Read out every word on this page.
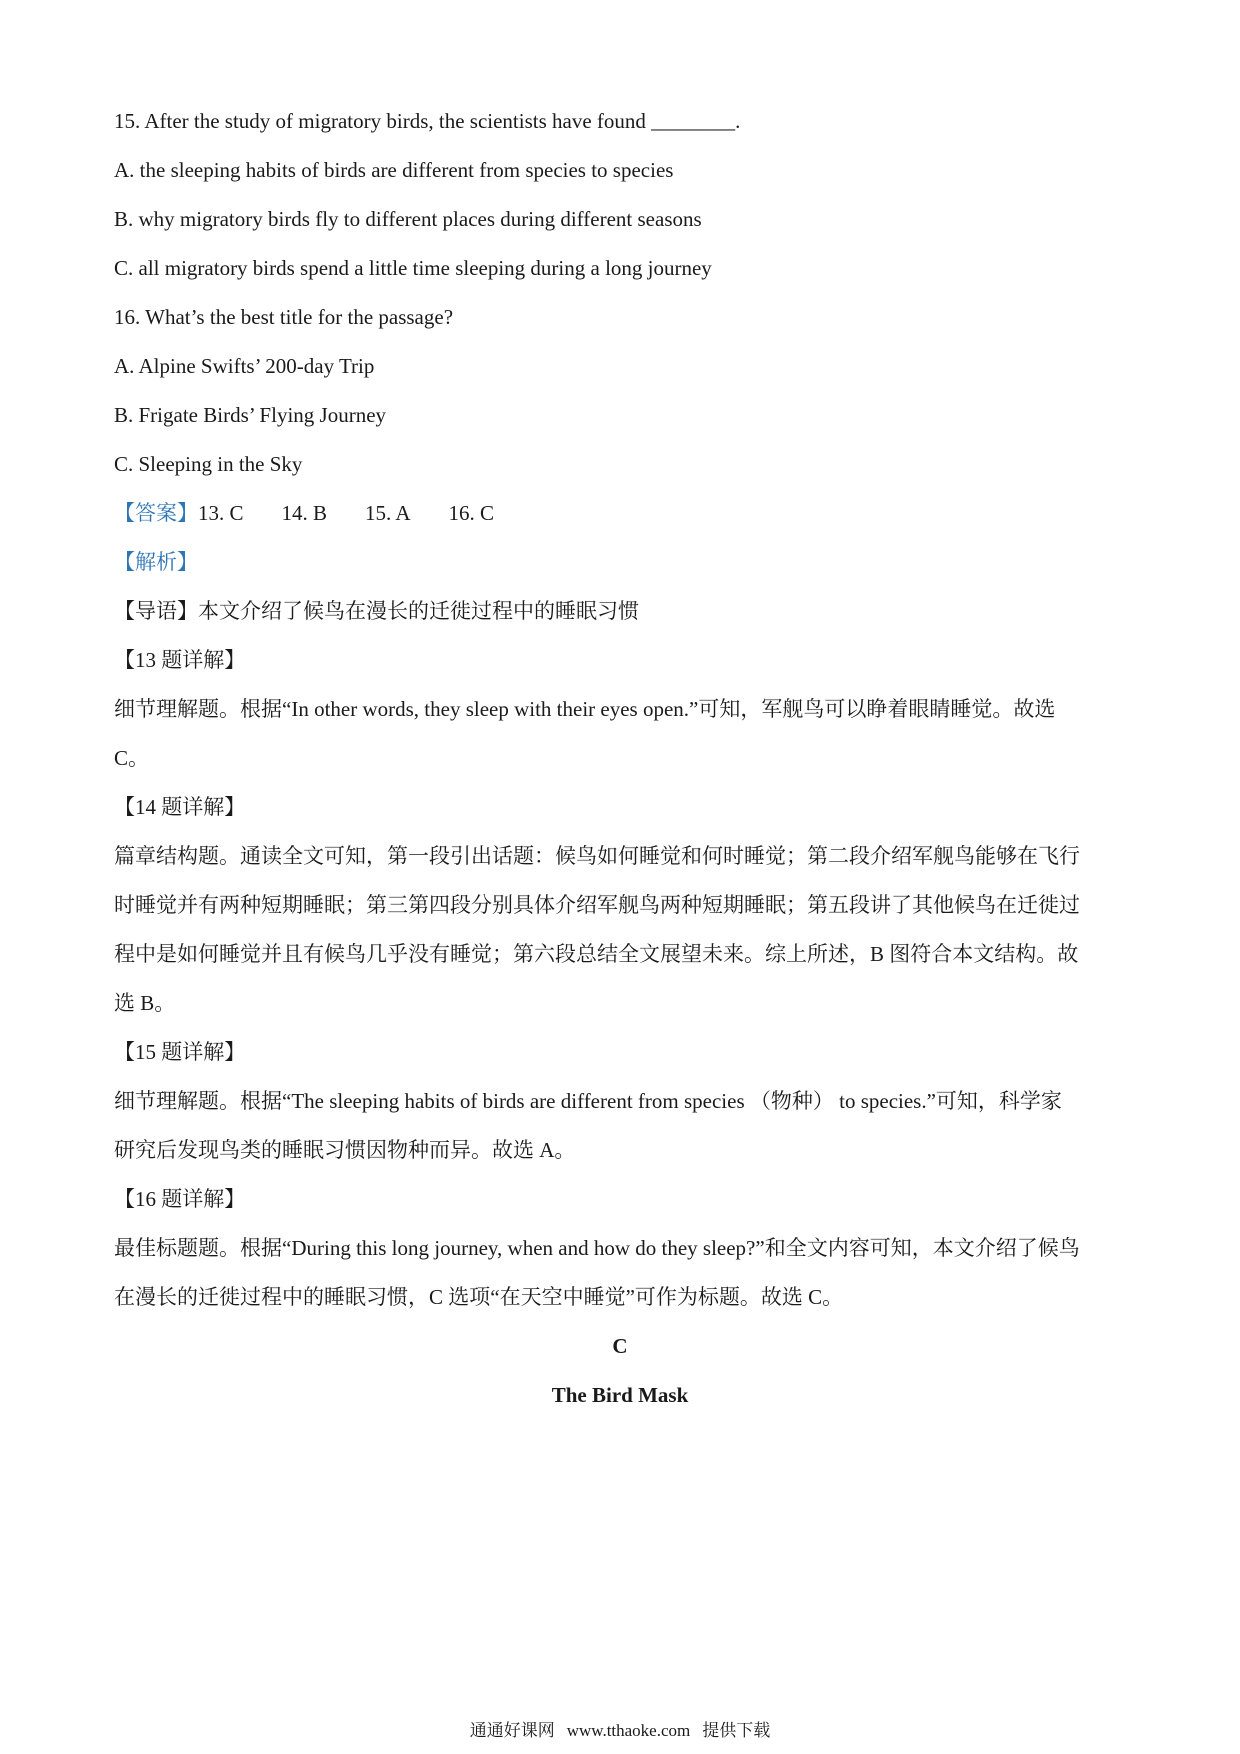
15. After the study of migratory birds, the scientists have found ________.
A. the sleeping habits of birds are different from species to species
B. why migratory birds fly to different places during different seasons
C. all migratory birds spend a little time sleeping during a long journey
16. What’s the best title for the passage?
A. Alpine Swifts’ 200-day Trip
B. Frigate Birds’ Flying Journey
C. Sleeping in the Sky
【答案】13. C 14. B 15. A 16. C
【解析】
【导语】本文介绍了候鸟在漫长的迁徙过程中的睡眠习惯
【13 题详解】
细节理解题。根据“In other words, they sleep with their eyes open.”可知，军舰鸟可以睁着眼睛睡觉。故选
C。
【14 题详解】
篇章结构题。通读全文可知，第一段引出话题：候鸟如何睡觉和何时睡觉；第二段介绍军舰鸟能够在飞行
时睡觉并有两种短期睡眠；第三第四段分别具体介绍军舰鸟两种短期睡眠；第五段讲了其他候鸟在迁徙过
程中是如何睡觉并且有候鸟几乎没有睡觉；第六段总结全文展望未来。综上所述，B 图符合本文结构。故
选 B。
【15 题详解】
细节理解题。根据“The sleeping habits of birds are different from species （物种） to species.”可知，科学家
研究后发现鸟类的睡眠习惯因物种而异。故选 A。
【16 题详解】
最佳标题题。根据“During this long journey, when and how do they sleep?”和全文内容可知，本文介绍了候鸟
在漫长的迁徙过程中的睡眠习惯，C 选项“在天空中睡觉”可作为标题。故选 C。
C
The Bird Mask
通通好课网 www.tthaoke.com 提供下载
